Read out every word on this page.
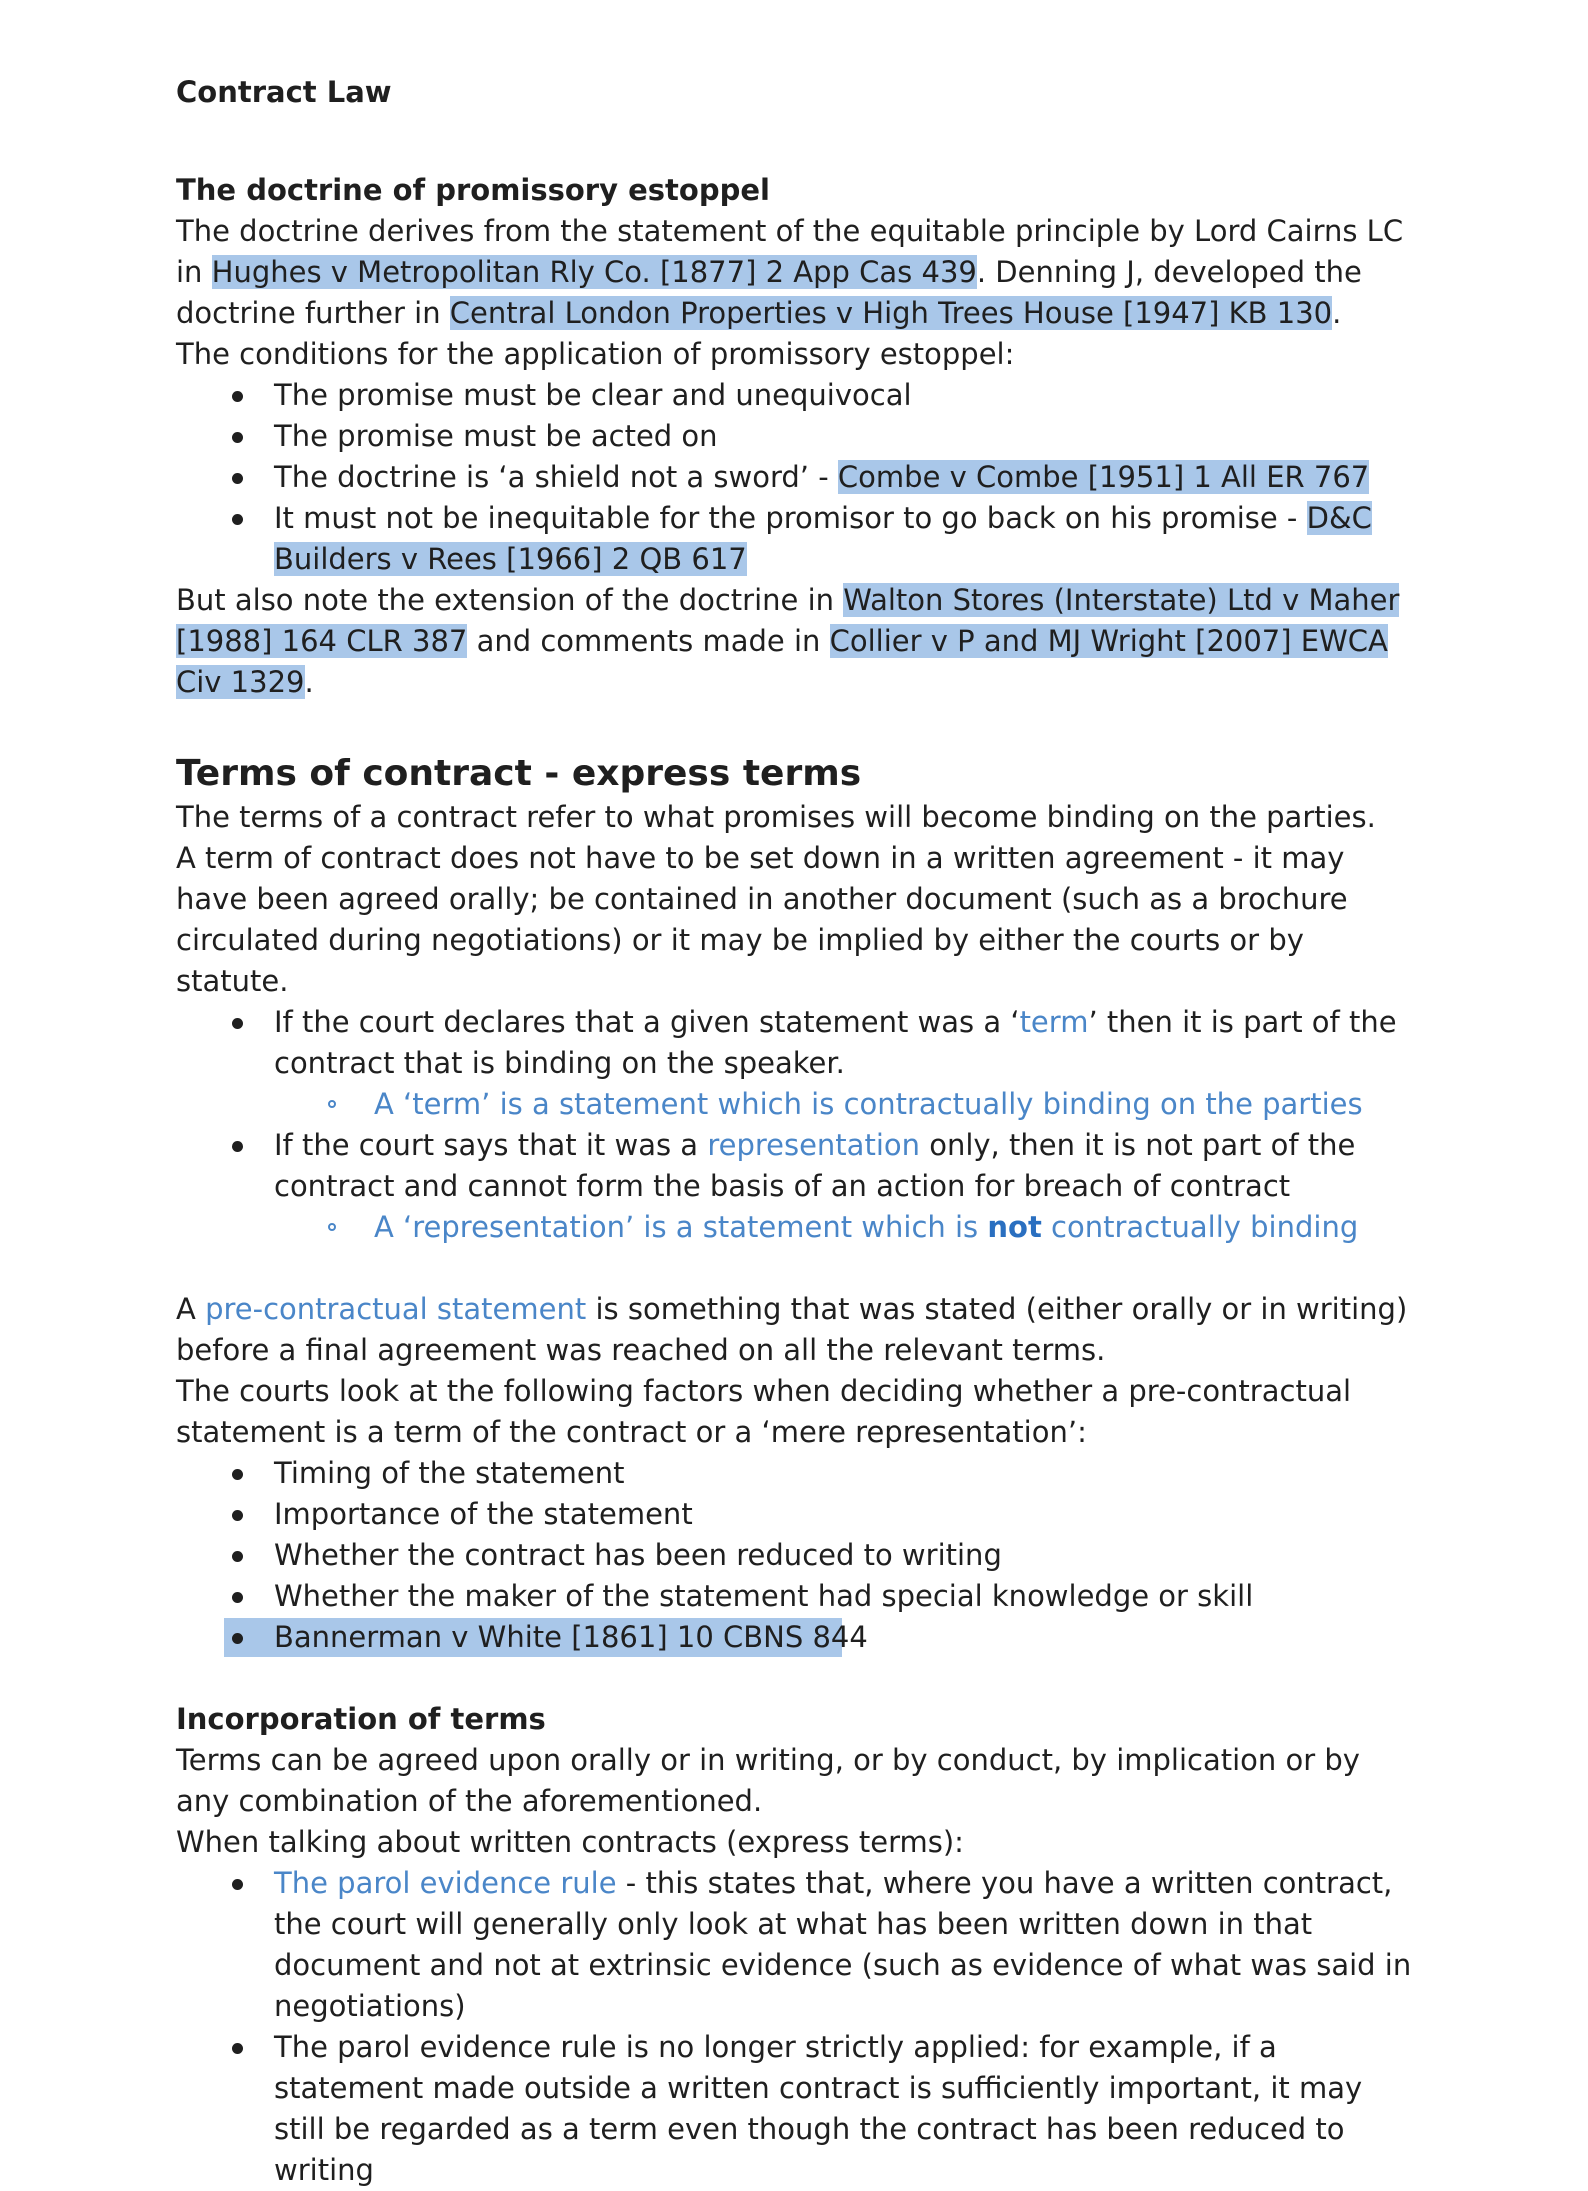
Contract Law
The doctrine of promissory estoppel

The doctrine derives from the statement of the equitable principle by Lord Cairns LC in Hughes v Metropolitan Rly Co. [1877] 2 App Cas 439. Denning J, developed the doctrine further in Central London Properties v High Trees House [1947] KB 130.

The conditions for the application of promissory estoppel:

The promise must be clear and unequivocal
The promise must be acted on
The doctrine is ‘a shield not a sword’ - Combe v Combe [1951] 1 All ER 767
It must not be inequitable for the promisor to go back on his promise - D&C Builders v Rees [1966] 2 QB 617

But also note the extension of the doctrine in Walton Stores (Interstate) Ltd v Maher [1988] 164 CLR 387 and comments made in Collier v P and MJ Wright [2007] EWCA Civ 1329.

Terms of contract - express terms

The terms of a contract refer to what promises will become binding on the parties.

A term of contract does not have to be set down in a written agreement - it may have been agreed orally; be contained in another document (such as a brochure circulated during negotiations) or it may be implied by either the courts or by statute.

If the court declares that a given statement was a ‘term’ then it is part of the contract that is binding on the speaker.
A ‘term’ is a statement which is contractually binding on the parties
If the court says that it was a representation only, then it is not part of the contract and cannot form the basis of an action for breach of contract
A ‘representation’ is a statement which is not contractually binding

A pre-contractual statement is something that was stated (either orally or in writing) before a final agreement was reached on all the relevant terms.

The courts look at the following factors when deciding whether a pre-contractual statement is a term of the contract or a ‘mere representation’:

Timing of the statement
Importance of the statement
Whether the contract has been reduced to writing
Whether the maker of the statement had special knowledge or skill
Bannerman v White [1861] 10 CBNS 844
Incorporation of terms

Terms can be agreed upon orally or in writing, or by conduct, by implication or by any combination of the aforementioned.

When talking about written contracts (express terms):

The parol evidence rule - this states that, where you have a written contract, the court will generally only look at what has been written down in that document and not at extrinsic evidence (such as evidence of what was said in negotiations)
The parol evidence rule is no longer strictly applied: for example, if a statement made outside a written contract is sufficiently important, it may still be regarded as a term even though the contract has been reduced to writing
